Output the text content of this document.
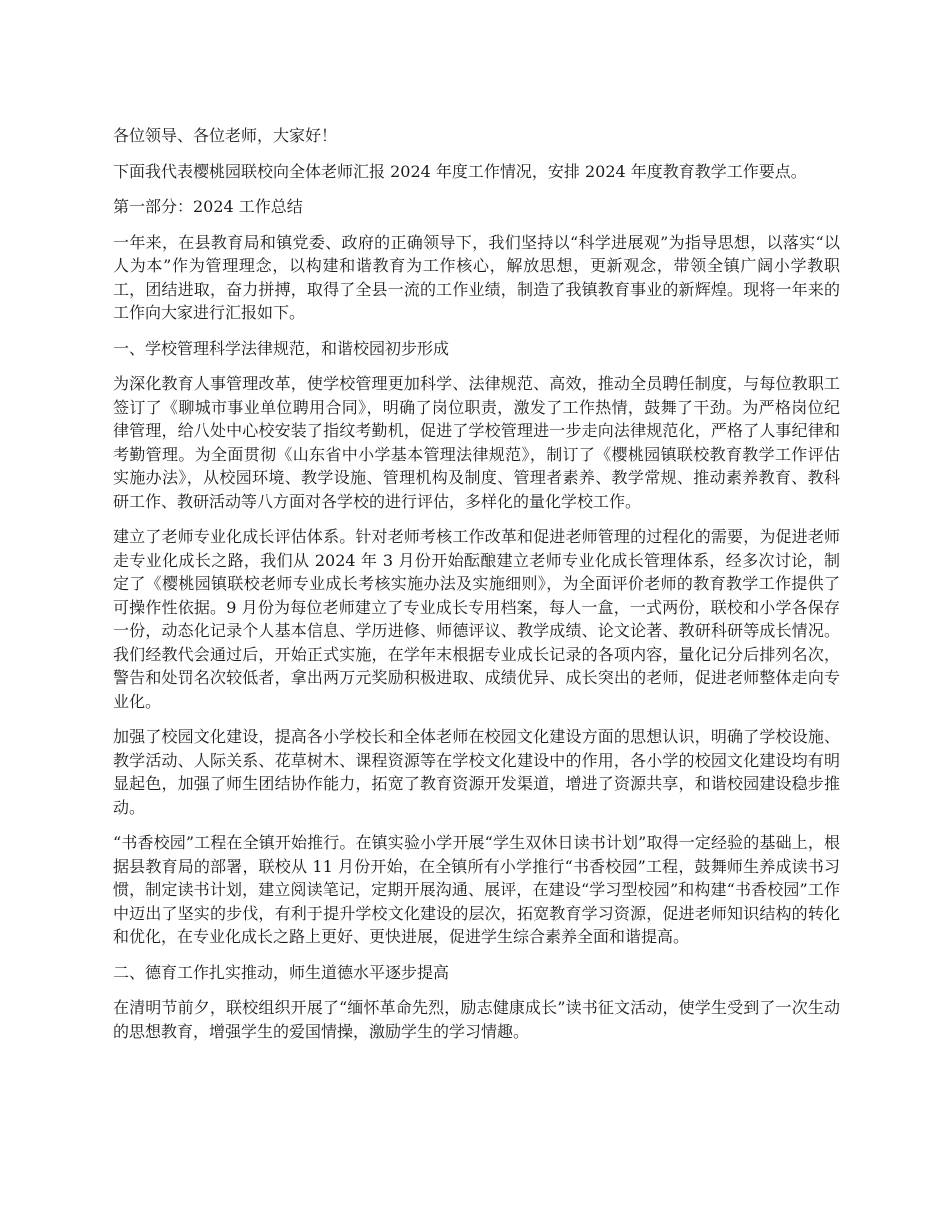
各位领导、各位老师，大家好！

下面我代表樱桃园联校向全体老师汇报 2024 年度工作情况，安排 2024 年度教育教学工作要点。

第一部分：2024 工作总结

一年来，在县教育局和镇党委、政府的正确领导下，我们坚持以“科学进展观”为指导思想，以落实“以人为本”作为管理理念，以构建和谐教育为工作核心，解放思想，更新观念，带领全镇广阔小学教职工，团结进取，奋力拼搏，取得了全县一流的工作业绩，制造了我镇教育事业的新辉煌。现将一年来的工作向大家进行汇报如下。

一、学校管理科学法律规范，和谐校园初步形成

为深化教育人事管理改革，使学校管理更加科学、法律规范、高效，推动全员聘任制度，与每位教职工签订了《聊城市事业单位聘用合同》，明确了岗位职责，激发了工作热情，鼓舞了干劲。为严格岗位纪律管理，给八处中心校安装了指纹考勤机，促进了学校管理进一步走向法律规范化，严格了人事纪律和考勤管理。为全面贯彻《山东省中小学基本管理法律规范》，制订了《樱桃园镇联校教育教学工作评估实施办法》，从校园环境、教学设施、管理机构及制度、管理者素养、教学常规、推动素养教育、教科研工作、教研活动等八方面对各学校的进行评估，多样化的量化学校工作。

建立了老师专业化成长评估体系。针对老师考核工作改革和促进老师管理的过程化的需要，为促进老师走专业化成长之路，我们从 2024 年 3 月份开始酝酿建立老师专业化成长管理体系，经多次讨论，制定了《樱桃园镇联校老师专业成长考核实施办法及实施细则》，为全面评价老师的教育教学工作提供了可操作性依据。9 月份为每位老师建立了专业成长专用档案，每人一盒，一式两份，联校和小学各保存一份，动态化记录个人基本信息、学历进修、师德评议、教学成绩、论文论著、教研科研等成长情况。我们经教代会通过后，开始正式实施，在学年末根据专业成长记录的各项内容，量化记分后排列名次，警告和处罚名次较低者，拿出两万元奖励积极进取、成绩优异、成长突出的老师，促进老师整体走向专业化。

加强了校园文化建设，提高各小学校长和全体老师在校园文化建设方面的思想认识，明确了学校设施、教学活动、人际关系、花草树木、课程资源等在学校文化建设中的作用，各小学的校园文化建设均有明显起色，加强了师生团结协作能力，拓宽了教育资源开发渠道，增进了资源共享，和谐校园建设稳步推动。

“书香校园”工程在全镇开始推行。在镇实验小学开展“学生双休日读书计划”取得一定经验的基础上，根据县教育局的部署，联校从 11 月份开始，在全镇所有小学推行“书香校园”工程，鼓舞师生养成读书习惯，制定读书计划，建立阅读笔记，定期开展沟通、展评，在建设“学习型校园”和构建“书香校园”工作中迈出了坚实的步伐，有利于提升学校文化建设的层次，拓宽教育学习资源，促进老师知识结构的转化和优化，在专业化成长之路上更好、更快进展，促进学生综合素养全面和谐提高。

二、德育工作扎实推动，师生道德水平逐步提高

在清明节前夕，联校组织开展了“缅怀革命先烈，励志健康成长”读书征文活动，使学生受到了一次生动的思想教育，增强学生的爱国情操，激励学生的学习情趣。
